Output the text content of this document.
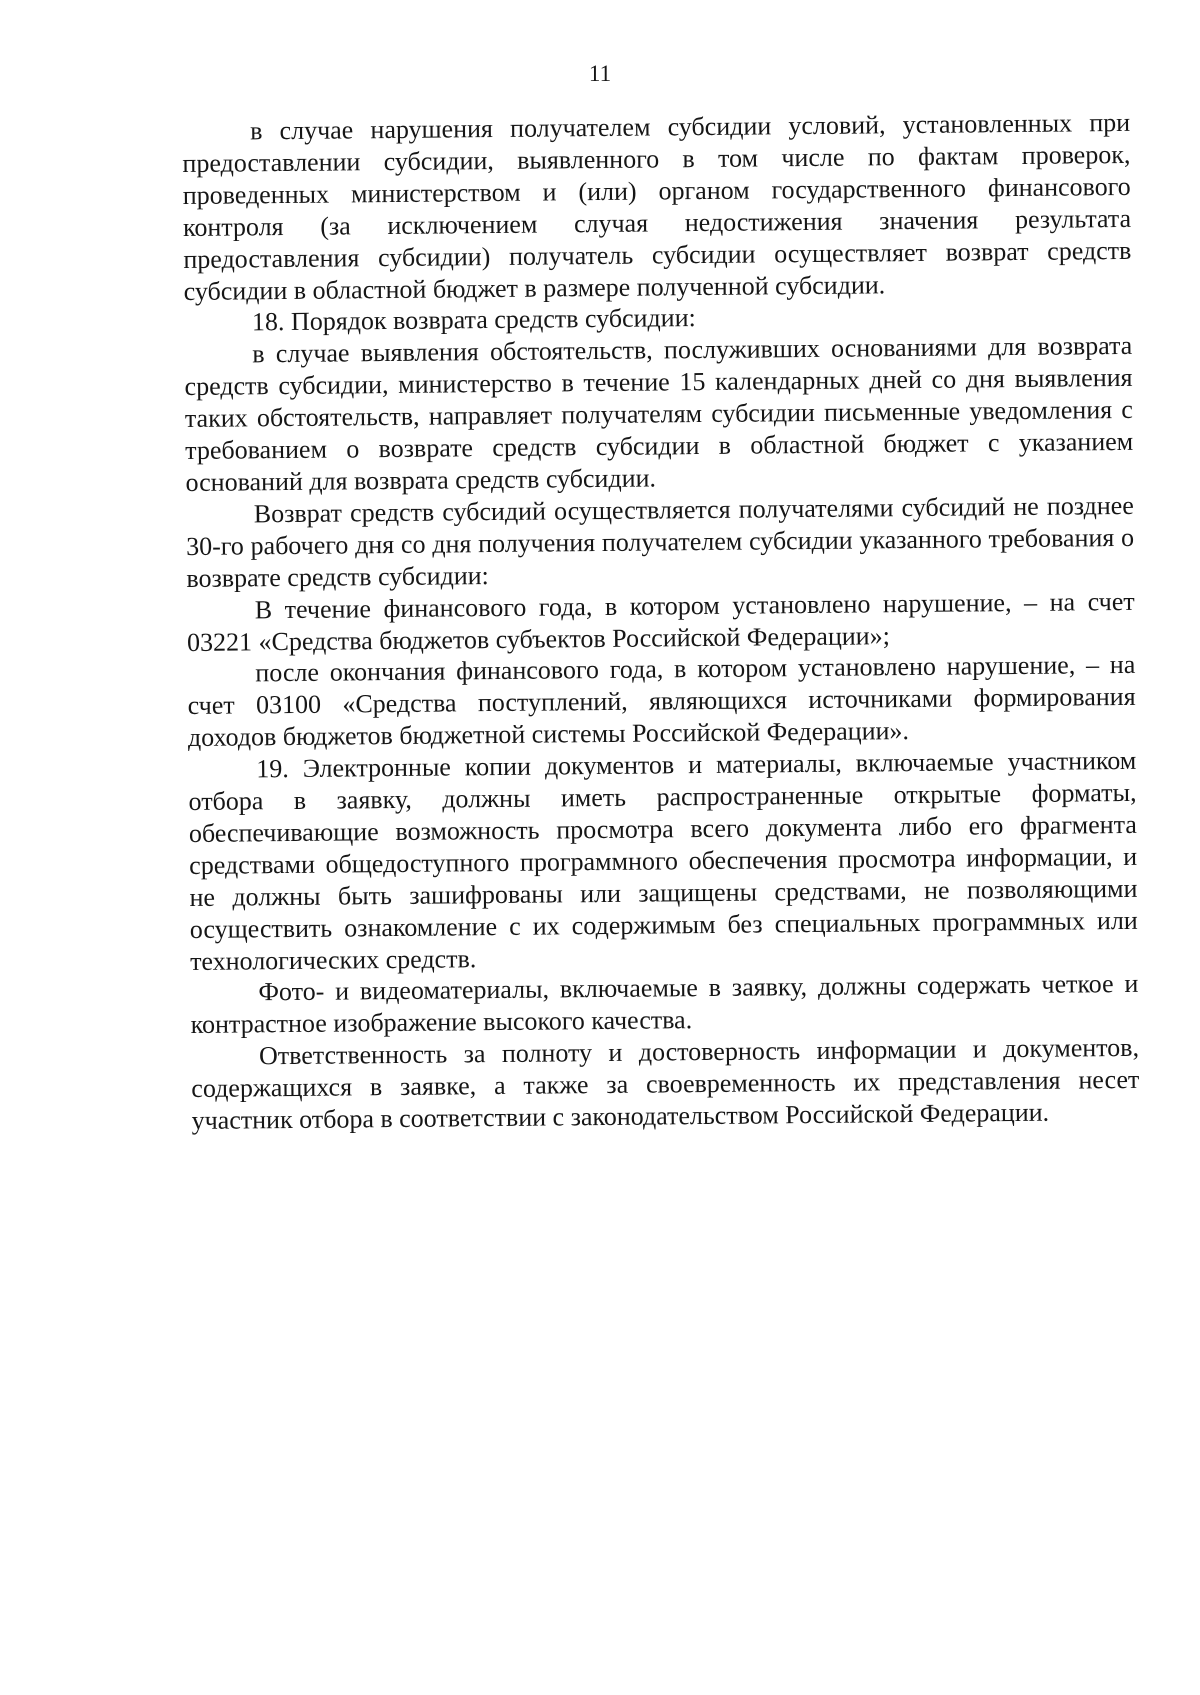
11

в случае нарушения получателем субсидии условий, установленных при предоставлении субсидии, выявленного в том числе по фактам проверок, проведенных министерством и (или) органом государственного финансового контроля (за исключением случая недостижения значения результата предоставления субсидии) получатель субсидии осуществляет возврат средств субсидии в областной бюджет в размере полученной субсидии.

18. Порядок возврата средств субсидии:

в случае выявления обстоятельств, послуживших основаниями для возврата средств субсидии, министерство в течение 15 календарных дней со дня выявления таких обстоятельств, направляет получателям субсидии письменные уведомления с требованием о возврате средств субсидии в областной бюджет с указанием оснований для возврата средств субсидии.

Возврат средств субсидий осуществляется получателями субсидий не позднее 30-го рабочего дня со дня получения получателем субсидии указанного требования о возврате средств субсидии:

В течение финансового года, в котором установлено нарушение, – на счет 03221 «Средства бюджетов субъектов Российской Федерации»;

после окончания финансового года, в котором установлено нарушение, – на счет 03100 «Средства поступлений, являющихся источниками формирования доходов бюджетов бюджетной системы Российской Федерации».

19. Электронные копии документов и материалы, включаемые участником отбора в заявку, должны иметь распространенные открытые форматы, обеспечивающие возможность просмотра всего документа либо его фрагмента средствами общедоступного программного обеспечения просмотра информации, и не должны быть зашифрованы или защищены средствами, не позволяющими осуществить ознакомление с их содержимым без специальных программных или технологических средств.

Фото- и видеоматериалы, включаемые в заявку, должны содержать четкое и контрастное изображение высокого качества.

Ответственность за полноту и достоверность информации и документов, содержащихся в заявке, а также за своевременность их представления несет участник отбора в соответствии с законодательством Российской Федерации.
